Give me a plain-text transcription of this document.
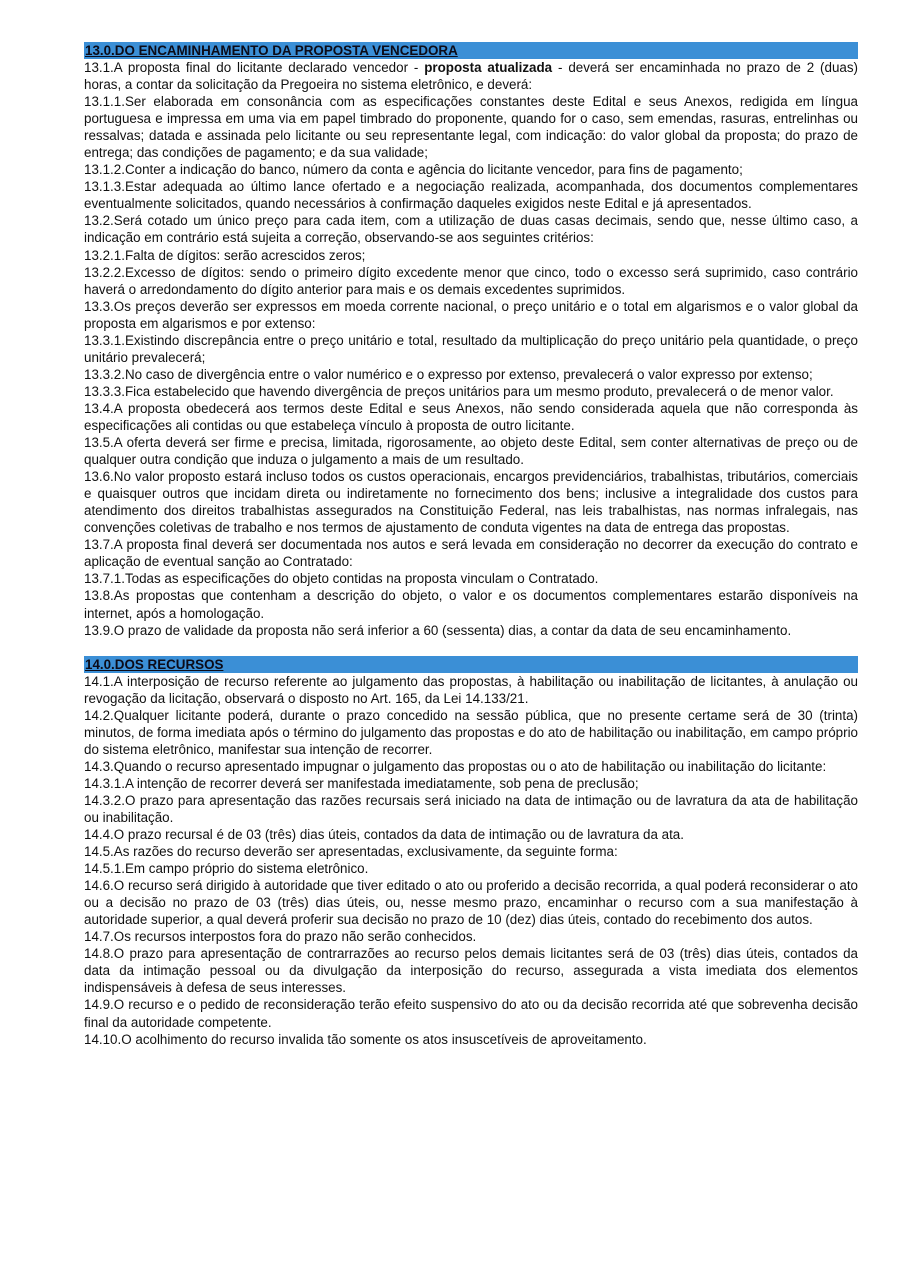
13.0.DO ENCAMINHAMENTO DA PROPOSTA VENCEDORA
13.1.A proposta final do licitante declarado vencedor - proposta atualizada - deverá ser encaminhada no prazo de 2 (duas) horas, a contar da solicitação da Pregoeira no sistema eletrônico, e deverá:
13.1.1.Ser elaborada em consonância com as especificações constantes deste Edital e seus Anexos, redigida em língua portuguesa e impressa em uma via em papel timbrado do proponente, quando for o caso, sem emendas, rasuras, entrelinhas ou ressalvas; datada e assinada pelo licitante ou seu representante legal, com indicação: do valor global da proposta; do prazo de entrega; das condições de pagamento; e da sua validade;
13.1.2.Conter a indicação do banco, número da conta e agência do licitante vencedor, para fins de pagamento;
13.1.3.Estar adequada ao último lance ofertado e a negociação realizada, acompanhada, dos documentos complementares eventualmente solicitados, quando necessários à confirmação daqueles exigidos neste Edital e já apresentados.
13.2.Será cotado um único preço para cada item, com a utilização de duas casas decimais, sendo que, nesse último caso, a indicação em contrário está sujeita a correção, observando-se aos seguintes critérios:
13.2.1.Falta de dígitos: serão acrescidos zeros;
13.2.2.Excesso de dígitos: sendo o primeiro dígito excedente menor que cinco, todo o excesso será suprimido, caso contrário haverá o arredondamento do dígito anterior para mais e os demais excedentes suprimidos.
13.3.Os preços deverão ser expressos em moeda corrente nacional, o preço unitário e o total em algarismos e o valor global da proposta em algarismos e por extenso:
13.3.1.Existindo discrepância entre o preço unitário e total, resultado da multiplicação do preço unitário pela quantidade, o preço unitário prevalecerá;
13.3.2.No caso de divergência entre o valor numérico e o expresso por extenso, prevalecerá o valor expresso por extenso;
13.3.3.Fica estabelecido que havendo divergência de preços unitários para um mesmo produto, prevalecerá o de menor valor.
13.4.A proposta obedecerá aos termos deste Edital e seus Anexos, não sendo considerada aquela que não corresponda às especificações ali contidas ou que estabeleça vínculo à proposta de outro licitante.
13.5.A oferta deverá ser firme e precisa, limitada, rigorosamente, ao objeto deste Edital, sem conter alternativas de preço ou de qualquer outra condição que induza o julgamento a mais de um resultado.
13.6.No valor proposto estará incluso todos os custos operacionais, encargos previdenciários, trabalhistas, tributários, comerciais e quaisquer outros que incidam direta ou indiretamente no fornecimento dos bens; inclusive a integralidade dos custos para atendimento dos direitos trabalhistas assegurados na Constituição Federal, nas leis trabalhistas, nas normas infralegais, nas convenções coletivas de trabalho e nos termos de ajustamento de conduta vigentes na data de entrega das propostas.
13.7.A proposta final deverá ser documentada nos autos e será levada em consideração no decorrer da execução do contrato e aplicação de eventual sanção ao Contratado:
13.7.1.Todas as especificações do objeto contidas na proposta vinculam o Contratado.
13.8.As propostas que contenham a descrição do objeto, o valor e os documentos complementares estarão disponíveis na internet, após a homologação.
13.9.O prazo de validade da proposta não será inferior a 60 (sessenta) dias, a contar da data de seu encaminhamento.
14.0.DOS RECURSOS
14.1.A interposição de recurso referente ao julgamento das propostas, à habilitação ou inabilitação de licitantes, à anulação ou revogação da licitação, observará o disposto no Art. 165, da Lei 14.133/21.
14.2.Qualquer licitante poderá, durante o prazo concedido na sessão pública, que no presente certame será de 30 (trinta) minutos, de forma imediata após o término do julgamento das propostas e do ato de habilitação ou inabilitação, em campo próprio do sistema eletrônico, manifestar sua intenção de recorrer.
14.3.Quando o recurso apresentado impugnar o julgamento das propostas ou o ato de habilitação ou inabilitação do licitante:
14.3.1.A intenção de recorrer deverá ser manifestada imediatamente, sob pena de preclusão;
14.3.2.O prazo para apresentação das razões recursais será iniciado na data de intimação ou de lavratura da ata de habilitação ou inabilitação.
14.4.O prazo recursal é de 03 (três) dias úteis, contados da data de intimação ou de lavratura da ata.
14.5.As razões do recurso deverão ser apresentadas, exclusivamente, da seguinte forma:
14.5.1.Em campo próprio do sistema eletrônico.
14.6.O recurso será dirigido à autoridade que tiver editado o ato ou proferido a decisão recorrida, a qual poderá reconsiderar o ato ou a decisão no prazo de 03 (três) dias úteis, ou, nesse mesmo prazo, encaminhar o recurso com a sua manifestação à autoridade superior, a qual deverá proferir sua decisão no prazo de 10 (dez) dias úteis, contado do recebimento dos autos.
14.7.Os recursos interpostos fora do prazo não serão conhecidos.
14.8.O prazo para apresentação de contrarrazões ao recurso pelos demais licitantes será de 03 (três) dias úteis, contados da data da intimação pessoal ou da divulgação da interposição do recurso, assegurada a vista imediata dos elementos indispensáveis à defesa de seus interesses.
14.9.O recurso e o pedido de reconsideração terão efeito suspensivo do ato ou da decisão recorrida até que sobrevenha decisão final da autoridade competente.
14.10.O acolhimento do recurso invalida tão somente os atos insuscetíveis de aproveitamento.
